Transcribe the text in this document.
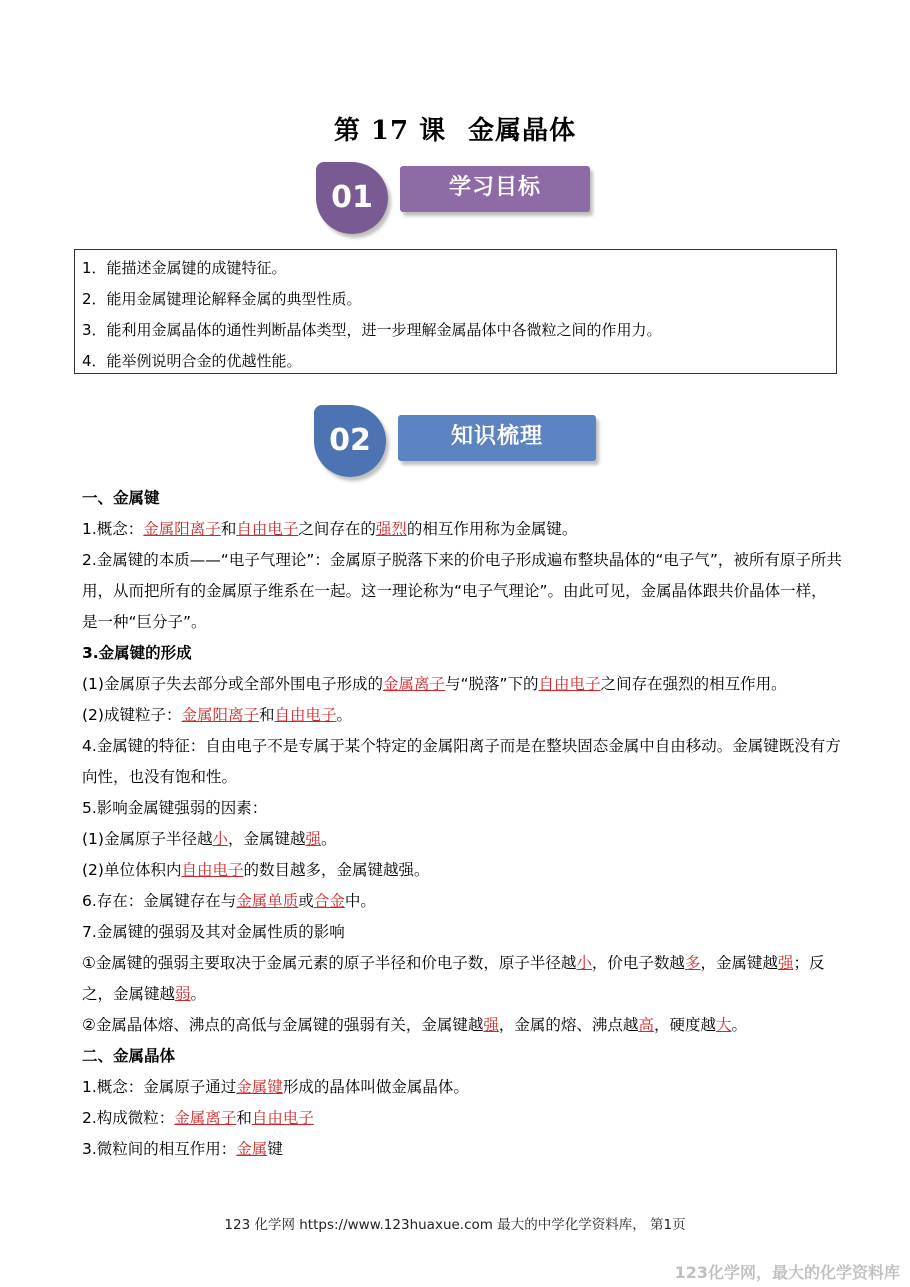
第 17 课 金属晶体
01	学习目标
1．能描述金属键的成键特征。
2．能用金属键理论解释金属的典型性质。
3．能利用金属晶体的通性判断晶体类型，进一步理解金属晶体中各微粒之间的作用力。
4．能举例说明合金的优越性能。
02	知识梳理

一、金属键

1.概念：金属阳离子和自由电子之间存在的强烈的相互作用称为金属键。

2.金属键的本质——“电子气理论”：金属原子脱落下来的价电子形成遍布整块晶体的“电子气”，被所有原子所共用，从而把所有的金属原子维系在一起。这一理论称为“电子气理论”。由此可见，金属晶体跟共价晶体一样，是一种“巨分子”。

3.金属键的形成

(1)金属原子失去部分或全部外围电子形成的金属离子与“脱落”下的自由电子之间存在强烈的相互作用。

(2)成键粒子：金属阳离子和自由电子。

4.金属键的特征：自由电子不是专属于某个特定的金属阳离子而是在整块固态金属中自由移动。金属键既没有方向性，也没有饱和性。

5.影响金属键强弱的因素：

(1)金属原子半径越小，金属键越强。

(2)单位体积内自由电子的数目越多，金属键越强。

6.存在：金属键存在与金属单质或合金中。

7.金属键的强弱及其对金属性质的影响

①金属键的强弱主要取决于金属元素的原子半径和价电子数，原子半径越小，价电子数越多，金属键越强；反之，金属键越弱。

②金属晶体熔、沸点的高低与金属键的强弱有关，金属键越强，金属的熔、沸点越高，硬度越大。

二、金属晶体

1.概念：金属原子通过金属键形成的晶体叫做金属晶体。

2.构成微粒：金属离子和自由电子

3.微粒间的相互作用：金属键

123 化学网 https://www.123huaxue.com 最大的中学化学资料库， 第1页
123化学网，最大的化学资料库
